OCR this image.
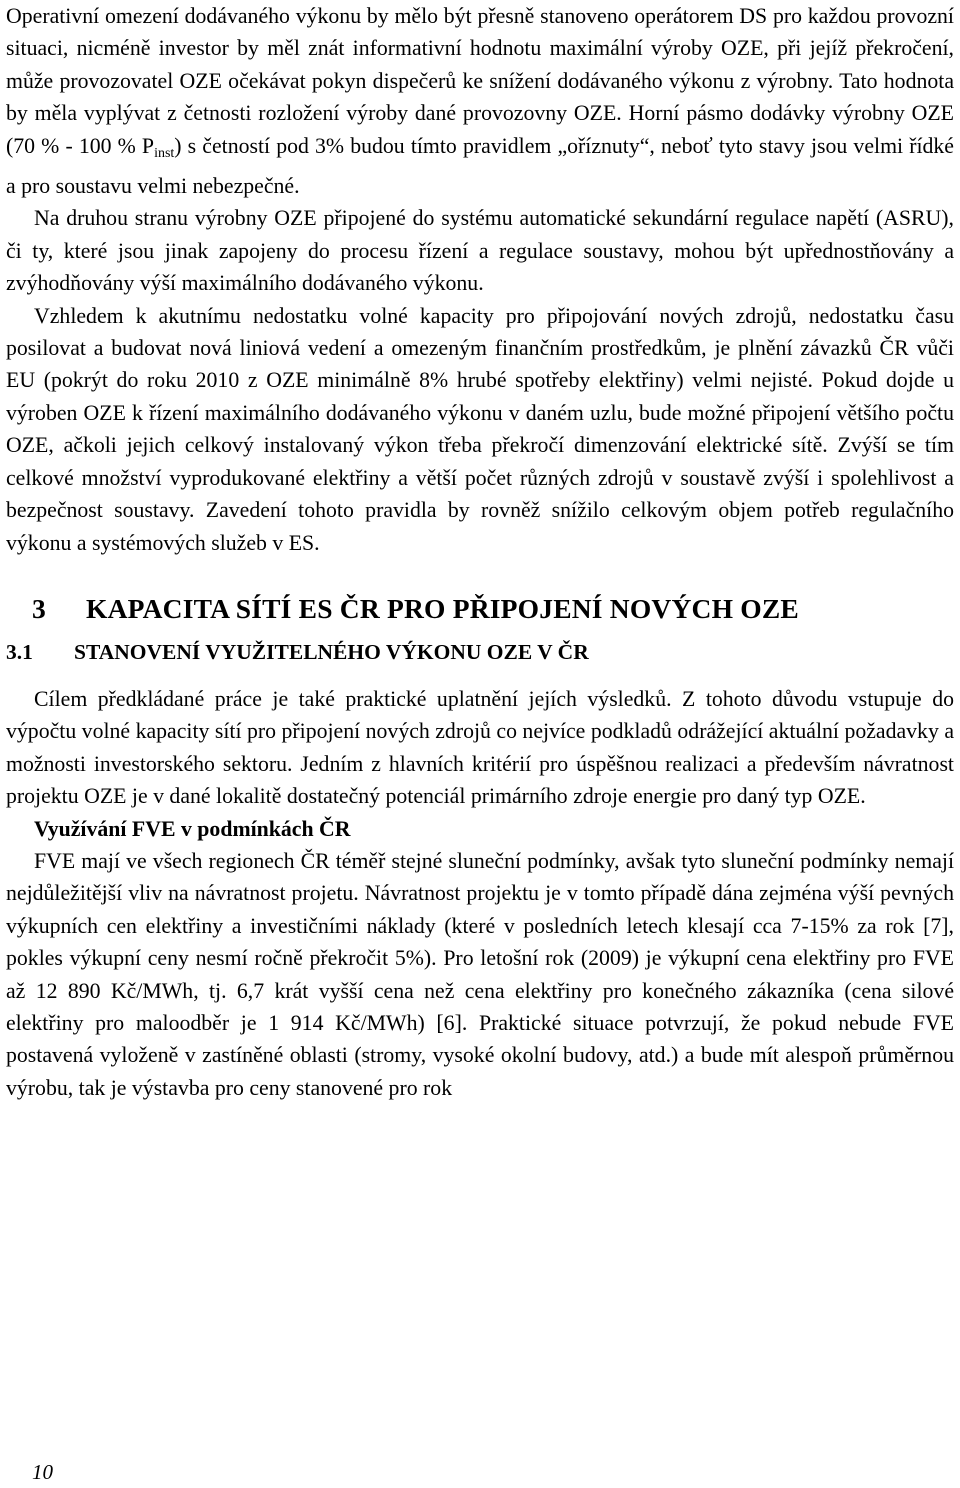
Operativní omezení dodávaného výkonu by mělo být přesně stanoveno operátorem DS pro každou provozní situaci, nicméně investor by měl znát informativní hodnotu maximální výroby OZE, při jejíž překročení, může provozovatel OZE očekávat pokyn dispečerů ke snížení dodávaného výkonu z výrobny. Tato hodnota by měla vyplývat z četnosti rozložení výroby dané provozovny OZE. Horní pásmo dodávky výrobny OZE (70 % - 100 % $P_{inst}$) s četností pod 3% budou tímto pravidlem „oříznuty“, neboť tyto stavy jsou velmi řídké a pro soustavu velmi nebezpečné.

Na druhou stranu výrobny OZE připojené do systému automatické sekundární regulace napětí (ASRU), či ty, které jsou jinak zapojeny do procesu řízení a regulace soustavy, mohou být upřednostňovány a zvýhodňovány výší maximálního dodávaného výkonu.

Vzhledem k akutnímu nedostatku volné kapacity pro připojování nových zdrojů, nedostatku času posilovat a budovat nová liniová vedení a omezeným finančním prostředkům, je plnění závazků ČR vůči EU (pokrýt do roku 2010 z OZE minimálně 8% hrubé spotřeby elektřiny) velmi nejisté. Pokud dojde u výroben OZE k řízení maximálního dodávaného výkonu v daném uzlu, bude možné připojení většího počtu OZE, ačkoli jejich celkový instalovaný výkon třeba překročí dimenzování elektrické sítě. Zvýší se tím celkové množství vyprodukované elektřiny a větší počet různých zdrojů v soustavě zvýší i spolehlivost a bezpečnost soustavy. Zavedení tohoto pravidla by rovněž snížilo celkovým objem potřeb regulačního výkonu a systémových služeb v ES.

3 KAPACITA SÍTÍ ES ČR PRO PŘIPOJENÍ NOVÝCH OZE
3.1 STANOVENÍ VYUŽITELNÉHO VÝKONU OZE V ČR

Cílem předkládané práce je také praktické uplatnění jejích výsledků. Z tohoto důvodu vstupuje do výpočtu volné kapacity sítí pro připojení nových zdrojů co nejvíce podkladů odrážející aktuální požadavky a možnosti investorského sektoru. Jedním z hlavních kritérií pro úspěšnou realizaci a především návratnost projektu OZE je v dané lokalitě dostatečný potenciál primárního zdroje energie pro daný typ OZE.

Využívání FVE v podmínkách ČR

FVE mají ve všech regionech ČR téměř stejné sluneční podmínky, avšak tyto sluneční podmínky nemají nejdůležitější vliv na návratnost projetu. Návratnost projektu je v tomto případě dána zejména výší pevných výkupních cen elektřiny a investičními náklady (které v posledních letech klesají cca 7-15% za rok [7], pokles výkupní ceny nesmí ročně překročit 5%). Pro letošní rok (2009) je výkupní cena elektřiny pro FVE až 12 890 Kč/MWh, tj. 6,7 krát vyšší cena než cena elektřiny pro konečného zákazníka (cena silové elektřiny pro maloodběr je 1 914 Kč/MWh) [6]. Praktické situace potvrzují, že pokud nebude FVE postavená vyloženě v zastíněné oblasti (stromy, vysoké okolní budovy, atd.) a bude mít alespoň průměrnou výrobu, tak je výstavba pro ceny stanovené pro rok

10
